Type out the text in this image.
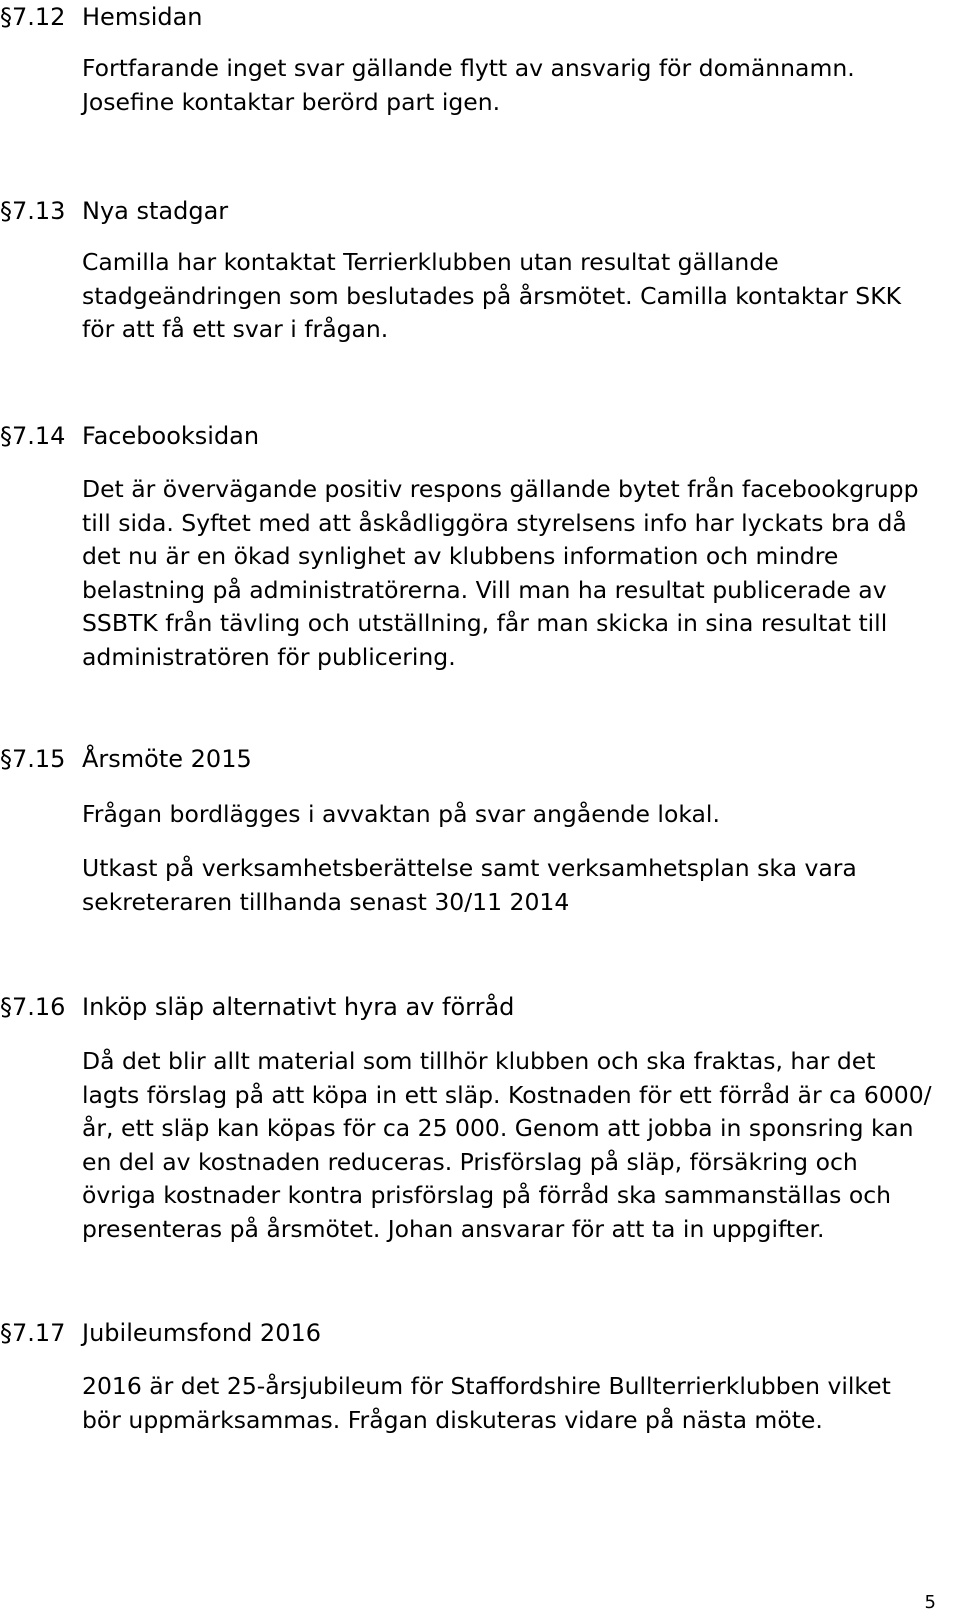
§7.12 Hemsidan

Fortfarande inget svar gällande flytt av ansvarig för domännamn. Josefine kontaktar berörd part igen.

§7.13 Nya stadgar

Camilla har kontaktat Terrierklubben utan resultat gällande stadgeändringen som beslutades på årsmötet. Camilla kontaktar SKK för att få ett svar i frågan.

§7.14 Facebooksidan

Det är övervägande positiv respons gällande bytet från facebookgrupp till sida. Syftet med att åskådliggöra styrelsens info har lyckats bra då det nu är en ökad synlighet av klubbens information och mindre belastning på administratörerna. Vill man ha resultat publicerade av SSBTK från tävling och utställning, får man skicka in sina resultat till administratören för publicering.

§7.15 Årsmöte 2015

Frågan bordlägges i avvaktan på svar angående lokal.

Utkast på verksamhetsberättelse samt verksamhetsplan ska vara sekreteraren tillhanda senast 30/11 2014

§7.16 Inköp släp alternativt hyra av förråd

Då det blir allt material som tillhör klubben och ska fraktas, har det lagts förslag på att köpa in ett släp. Kostnaden för ett förråd är ca 6000/år, ett släp kan köpas för ca 25 000. Genom att jobba in sponsring kan en del av kostnaden reduceras. Prisförslag på släp, försäkring och övriga kostnader kontra prisförslag på förråd ska sammanställas och presenteras på årsmötet. Johan ansvarar för att ta in uppgifter.

§7.17 Jubileumsfond 2016

2016 är det 25-årsjubileum för Staffordshire Bullterrierklubben vilket bör uppmärksammas. Frågan diskuteras vidare på nästa möte.

5
